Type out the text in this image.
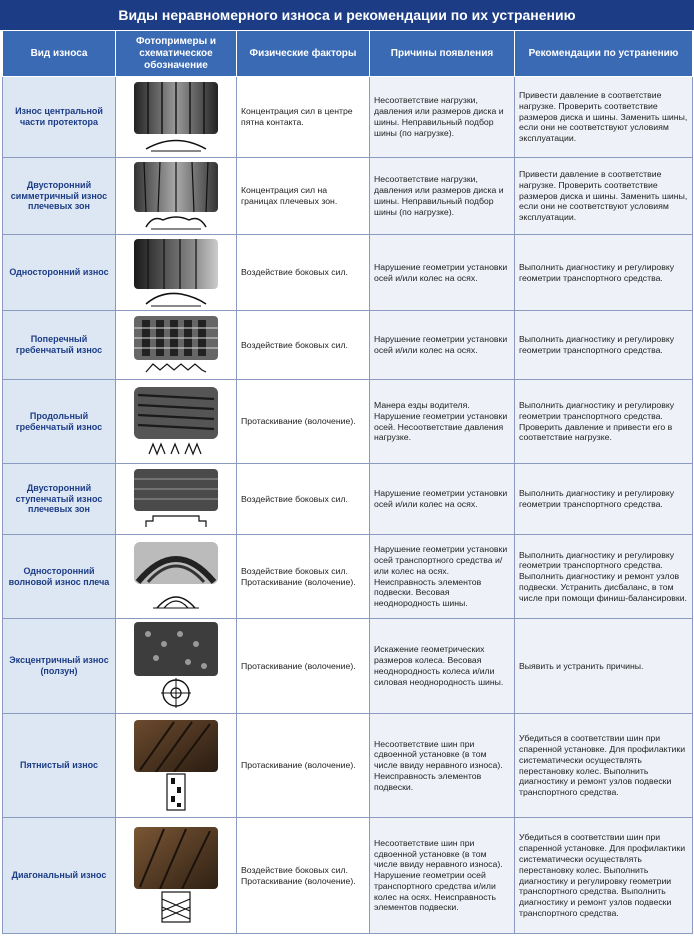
Виды неравномерного износа и рекомендации по их устранению
Вид износа	Фотопримеры и схематическое обозначение	Физические факторы	Причины появления	Рекомендации по устранению
Износ центральной части протектора		Концентрация сил в центре пятна контакта.	Несоответствие нагрузки, давления или размеров диска и шины. Неправильный подбор шины (по нагрузке).	Привести давление в соответствие нагрузке. Проверить соответствие размеров диска и шины. Заменить шины, если они не соответствуют условиям эксплуатации.
Двусторонний симметричный износ плечевых зон		Концентрация сил на границах плечевых зон.	Несоответствие нагрузки, давления или размеров диска и шины. Неправильный подбор шины (по нагрузке).	Привести давление в соответствие нагрузке. Проверить соответствие размеров диска и шины. Заменить шины, если они не соответствуют условиям эксплуатации.
Односторонний износ		Воздействие боковых сил.	Нарушение геометрии установки осей и/или колес на осях.	Выполнить диагностику и регулировку геометрии транспортного средства.
Поперечный гребенчатый износ		Воздействие боковых сил.	Нарушение геометрии установки осей и/или колес на осях.	Выполнить диагностику и регулировку геометрии транспортного средства.
Продольный гребенчатый износ		Протаскивание (волочение).	Манера езды водителя. Нарушение геометрии установки осей. Несоответствие давления нагрузке.	Выполнить диагностику и регулировку геометрии транспортного средства. Проверить давление и привести его в соответствие нагрузке.
Двусторонний ступенчатый износ плечевых зон		Воздействие боковых сил.	Нарушение геометрии установки осей и/или колес на осях.	Выполнить диагностику и регулировку геометрии транспортного средства.
Односторонний волновой износ плеча		Воздействие боковых сил. Протаскивание (волочение).	Нарушение геометрии установки осей транспортного средства и/или колес на осях. Неисправность элементов подвески. Весовая неоднородность шины.	Выполнить диагностику и регулировку геометрии транспортного средства. Выполнить диагностику и ремонт узлов подвески. Устранить дисбаланс, в том числе при помощи финиш-балансировки.
Эксцентричный износ (ползун)		Протаскивание (волочение).	Искажение геометрических размеров колеса. Весовая неоднородность колеса и/или силовая неоднородность шины.	Выявить и устранить причины.
Пятнистый износ		Протаскивание (волочение).	Несоответствие шин при сдвоенной установке (в том числе ввиду неравного износа). Неисправность элементов подвески.	Убедиться в соответствии шин при спаренной установке. Для профилактики систематически осуществлять перестановку колес. Выполнить диагностику и ремонт узлов подвески транспортного средства.
Диагональный износ		Воздействие боковых сил. Протаскивание (волочение).	Несоответствие шин при сдвоенной установке (в том числе ввиду неравного износа). Нарушение геометрии осей транспортного средства и/или колес на осях. Неисправность элементов подвески.	Убедиться в соответствии шин при спаренной установке. Для профилактики систематически осуществлять перестановку колес. Выполнить диагностику и регулировку геометрии транспортного средства. Выполнить диагностику и ремонт узлов подвески транспортного средства.
